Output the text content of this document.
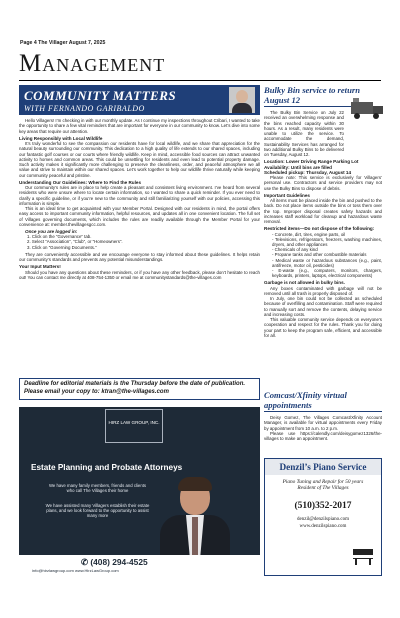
Page 4 The Villager August 7, 2025
Management
COMMUNITY MATTERS
WITH FERNANDO GARIBALDO

Hello Villagers! I’m checking in with our monthly update. As I continue my inspections throughout Cribari, I wanted to take the opportunity to share a few vital reminders that are important for everyone in our community to know. Let’s dive into some key areas that require our attention.

Living Responsibly with Local Wildlife

It’s truly wonderful to see the compassion our residents have for local wildlife, and we share that appreciation for the natural beauty surrounding our community. This dedication to a high quality of life extends to our shared spaces, including our fantastic golf courses or our courts where friendly wildlife. Keep in mind, accessible food sources can attract unwanted activity to homes and common areas. This could be unsettling for residents and even lead to potential property damage. Such activity makes it significantly more challenging to preserve the cleanliness, order, and peaceful atmosphere we all value and strive to maintain within our shared spaces. Let’s work together to help our wildlife thrive naturally while keeping our community peaceful and pristine.

Understanding Our Guidelines: Where to Find the Rules

Our community’s rules are in place to help create a pleasant and consistent living environment. I’ve heard from several residents who were unsure where to locate certain information, so I wanted to share a quick reminder. If you ever need to clarify a specific guideline, or if you’re new to the community and still familiarizing yourself with our policies, accessing this information is simple.

This is an ideal time to get acquainted with your Member Portal. Designed with our residents in mind, the portal offers easy access to important community information, helpful resources, and updates all in one convenient location. The full set of Villages governing documents, which includes the rules are readily available through the Member Portal for your convenience at: member.thevillagesgcc.com.

Once you are logged in:
1. Click on the “Governance” tab.
2. Select “Association”, “Club”, or “Homeowners”.
3. Click on “Governing Documents.”

They are conveniently accessible and we encourage everyone to stay informed about these guidelines. It helps retain our community’s standards and prevents any potential misunderstandings.

Your Input Matters!

Should you have any questions about these reminders, or if you have any other feedback, please don’t hesitate to reach out! You can contact me directly at 408-754-1350 or email me at communitystandards@the-villages.com

Deadline for editorial materials is the Thursday before the date of publication. Please email your copy to: ktran@the-villages.com
HIRZ LAW GROUP, INC.
Estate Planning and Probate Attorneys
We have many family members, friends and clients who call The Villages their home
We have assisted many Villagers establish their estate plans, and we look forward to the opportunity to assist many more
✆ (408) 294-4525
info@hirzlawgroup.com www.HirzLawGroup.com
Bulky Bin service to return August 12

The Bulky Bin Service on July 22 received an overwhelming response and the bins reached capacity within 30 hours. As a result, many residents were unable to utilize the service. To accommodate the demand, Sustainability Services has arranged for two additional Bulky Bins to be delivered on Tuesday, August 12.

Location: Lower Driving Range Parking Lot
Availability: Until bins are filled
Scheduled pickup: Thursday, August 14

Please note: This service is exclusively for Villagers’ personal use. Contractors and service providers may not use the Bulky Bins to dispose of debris.

Important Guidelines

All items must be placed inside the bin and pushed to the back. Do not place items outside the bins or toss them over the top. Improper disposal creates safety hazards and increases staff workload for cleanup and hazardous waste removal.

Restricted items—Do not dispose of the following:
- Concrete, dirt, tires, engine parts, oil
- Televisions, refrigerators, freezers, washing machines, dryers, and other appliances
- Chemicals of any kind
- Propane tanks and other combustible materials
- Medical waste or hazardous substances (e.g., paint, antifreeze, motor oil, pesticides)
- E-waste (e.g., computers, monitors, chargers, keyboards, printers, laptops, electrical components)
Garbage is not allowed in bulky bins.

Any boxes contaminated with garbage will not be removed until all trash is properly disposed of.

In July, one bin could not be collected as scheduled because of overfilling and contamination. Staff were required to manually sort and remove the contents, delaying service and increasing costs.

This valuable community service depends on everyone’s cooperation and respect for the rules. Thank you for doing your part to keep the program safe, efficient, and accessible for all.

Comcast/Xfinity virtual appointments

Deisy Gomez, The Villages Comcast/Xfinity Account Manager, is available for virtual appointments every Friday by appointment from 10 a.m. to 2 p.m.

Please use https://calendly.com/deisygomez1326/the-villages to make an appointment.

Denzil’s Piano Service
Piano Tuning and Repair for 50 years
Resident of The Villages
(510)352-2017
denzil@denzilspiano.com
www.denzilspiano.com
